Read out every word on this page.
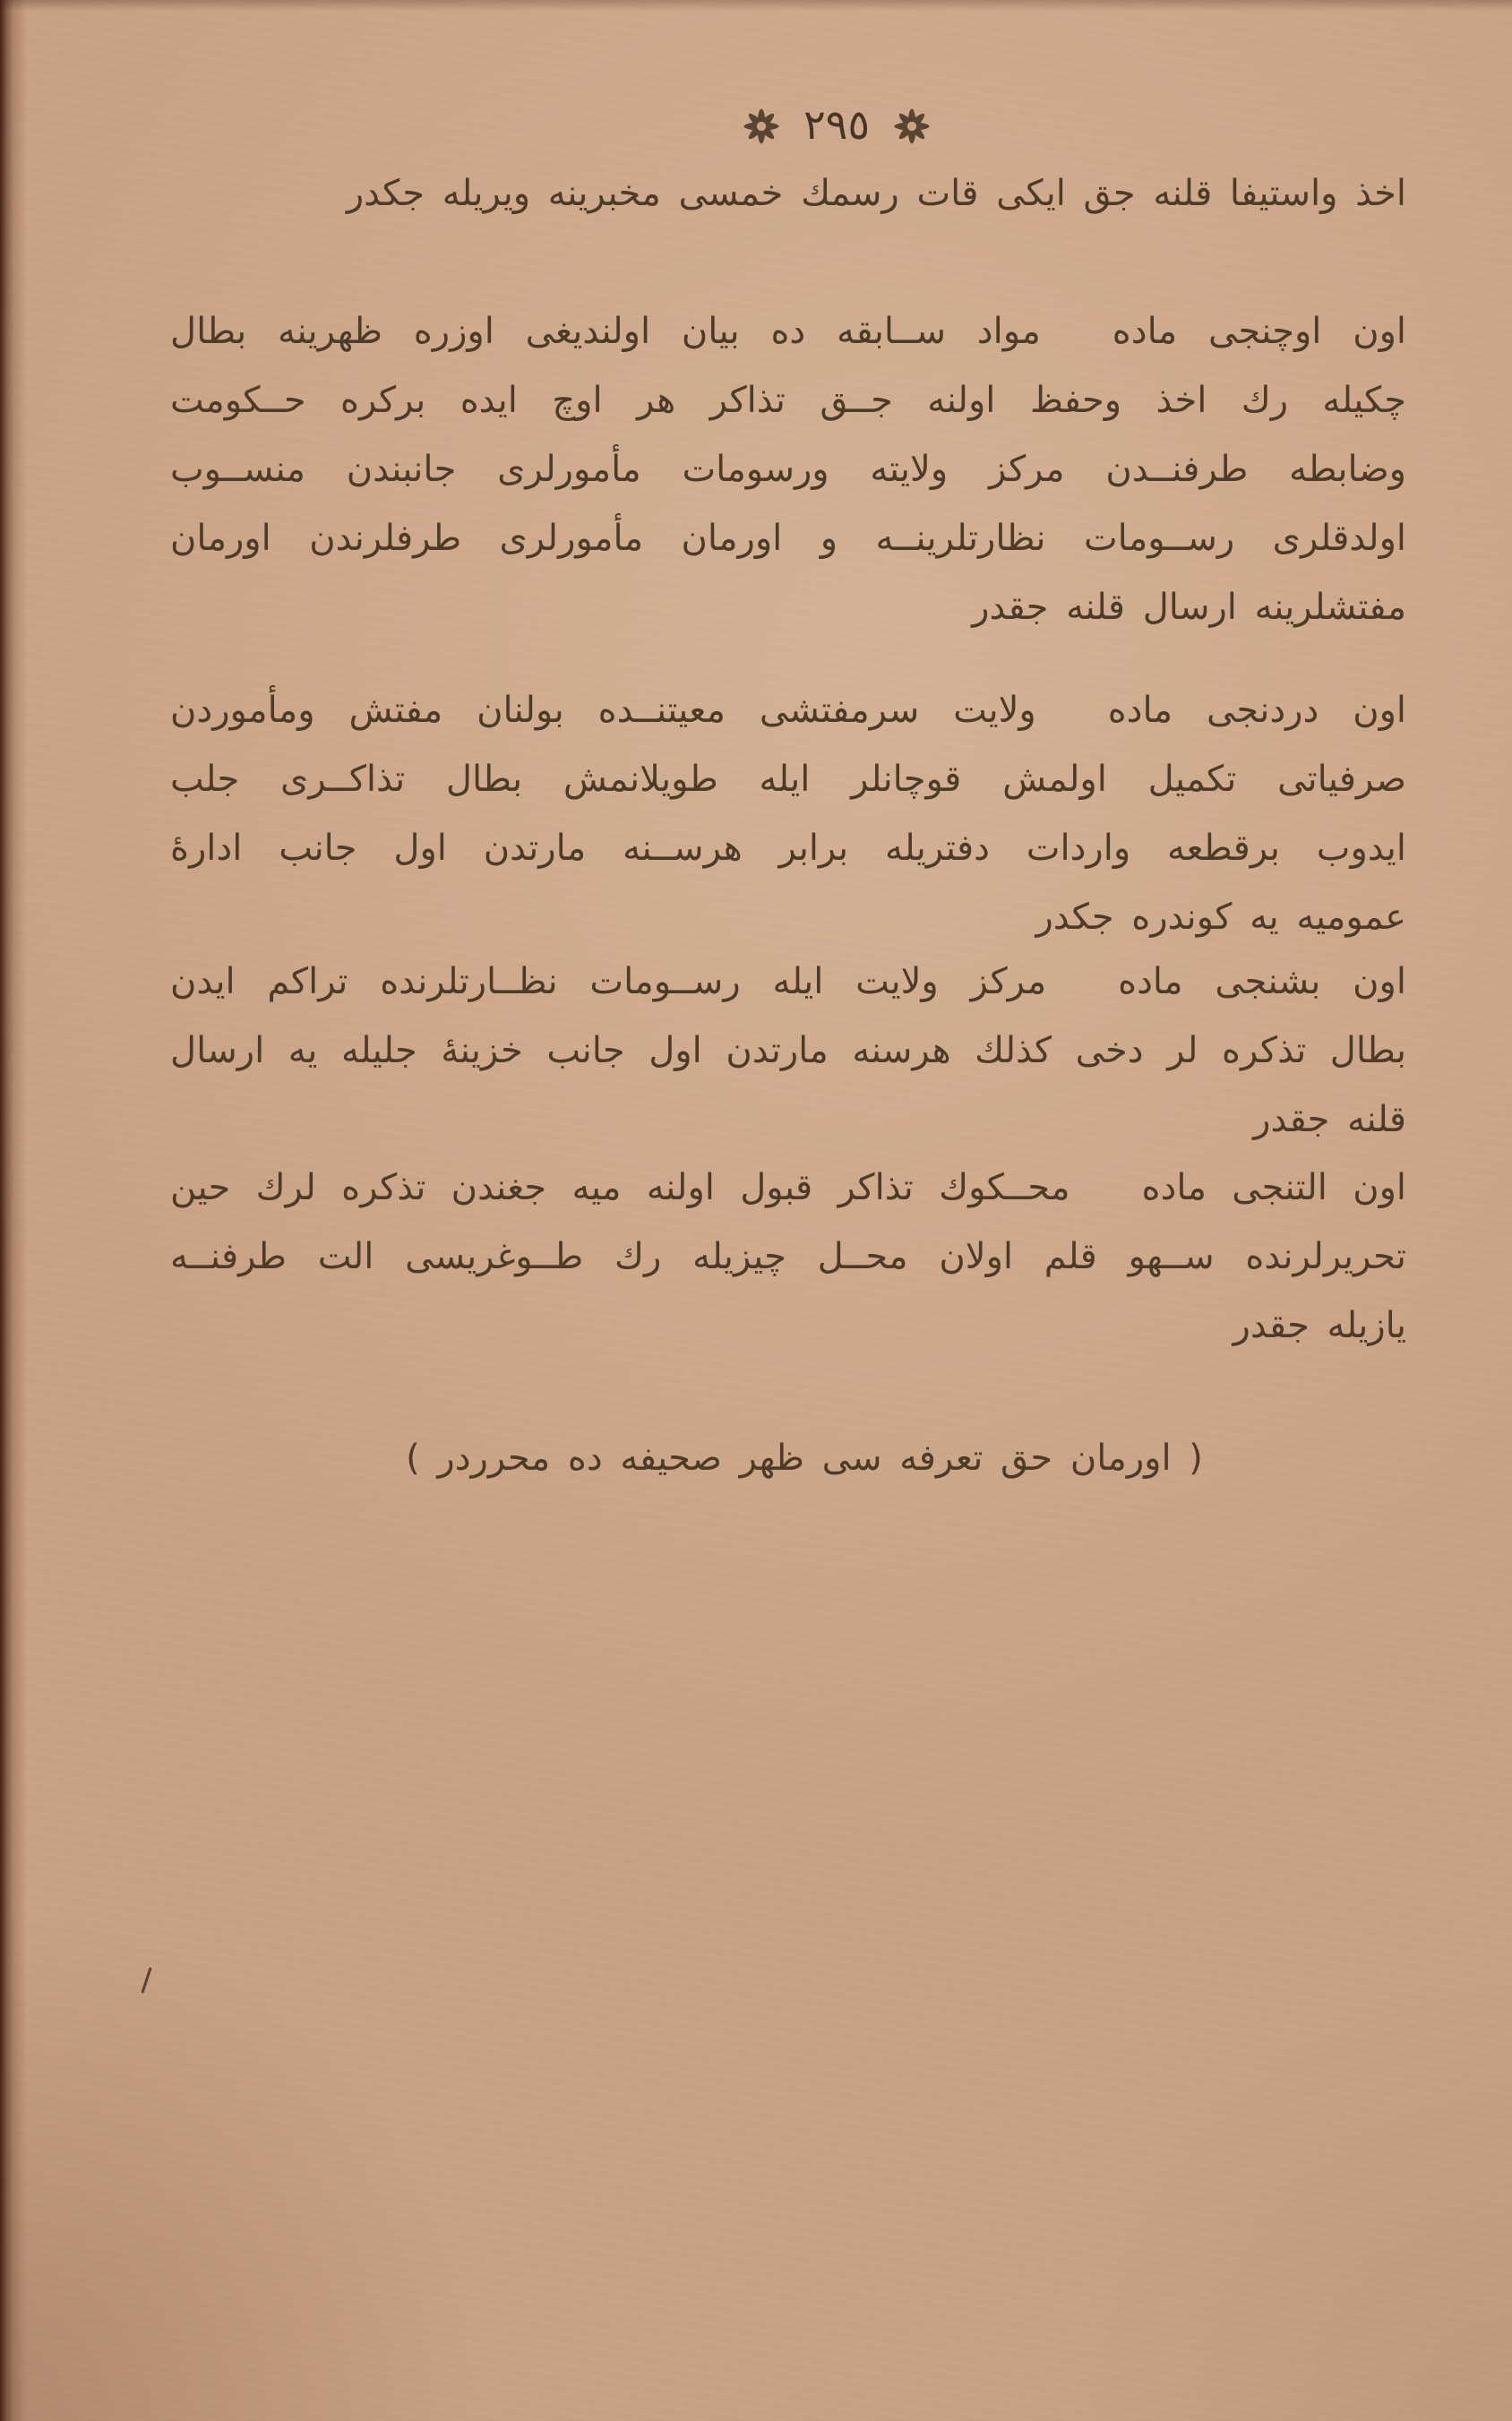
٢٩٥

اخذ واستيفا قلنه جق ايكى قات رسمك خمسى مخبرينه ويريله جكدر

اون اوچنجى ماده  مواد ســابقه ده بيان اولنديغى اوزره ظهرينه بطال

چكيله رك اخذ وحفظ اولنه جــق تذاكر هر اوچ ايده بركره حــكومت

وضابطه طرفنــدن مركز ولايته ورسومات مأمورلرى جانبندن منســوب

اولدقلرى رســومات نظارتلرينــه و اورمان مأمورلرى طرفلرندن اورمان

مفتشلرينه ارسال قلنه جقدر

اون دردنجى ماده  ولايت سرمفتشى معيتنــده بولنان مفتش ومأموردن

صرفياتى تكميل اولمش قوچانلر ايله طويلانمش بطال تذاكــرى جلب

ايدوب برقطعه واردات دفتريله برابر هرســنه مارتدن اول جانب ادارهٔ

عموميه يه كوندره جكدر

اون بشنجى ماده  مركز ولايت ايله رســومات نظــارتلرنده تراكم ايدن

بطال تذكره لر دخى كذلك هرسنه مارتدن اول جانب خزينهٔ جليله يه ارسال

قلنه جقدر

اون التنجى ماده  محــكوك تذاكر قبول اولنه ميه جغندن تذكره لرك حين

تحريرلرنده ســهو قلم اولان محــل چيزيله رك طــوغريسى الت طرفنــه

يازيله جقدر

( اورمان حق تعرفه سى ظهر صحيفه ده محرردر )
